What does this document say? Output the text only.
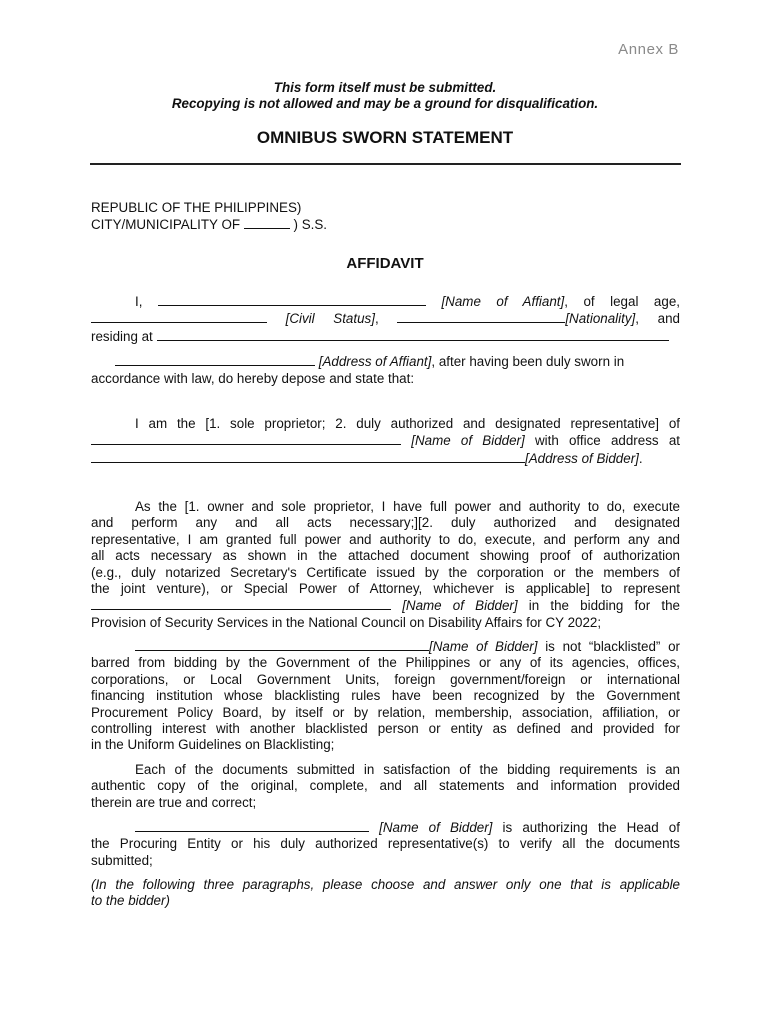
Annex B
This form itself must be submitted.
Recopying is not allowed and may be a ground for disqualification.
OMNIBUS SWORN STATEMENT
REPUBLIC OF THE PHILIPPINES)
CITY/MUNICIPALITY OF	) S.S.
AFFIDAVIT
I,	[Name of Affiant], of legal age,
[Civil Status],	[Nationality], and
residing at
[Address of Affiant], after having been duly sworn in
accordance with law, do hereby depose and state that:
I am the [1. sole proprietor; 2. duly authorized and designated representative] of
[Name of Bidder] with office address at
[Address of Bidder].
As the [1. owner and sole proprietor, I have full power and authority to do, execute
and perform any and all acts necessary;][2. duly authorized and designated
representative, I am granted full power and authority to do, execute, and perform any and
all acts necessary as shown in the attached document showing proof of authorization
(e.g., duly notarized Secretary's Certificate issued by the corporation or the members of
the joint venture), or Special Power of Attorney, whichever is applicable] to represent
[Name of Bidder] in the bidding for the
Provision of Security Services in the National Council on Disability Affairs for CY 2022;
[Name of Bidder] is not “blacklisted” or
barred from bidding by the Government of the Philippines or any of its agencies, offices,
corporations, or Local Government Units, foreign government/foreign or international
financing institution whose blacklisting rules have been recognized by the Government
Procurement Policy Board, by itself or by relation, membership, association, affiliation, or
controlling interest with another blacklisted person or entity as defined and provided for
in the Uniform Guidelines on Blacklisting;
Each of the documents submitted in satisfaction of the bidding requirements is an
authentic copy of the original, complete, and all statements and information provided
therein are true and correct;
[Name of Bidder] is authorizing the Head of
the Procuring Entity or his duly authorized representative(s) to verify all the documents
submitted;
(In the following three paragraphs, please choose and answer only one that is applicable
to the bidder)
